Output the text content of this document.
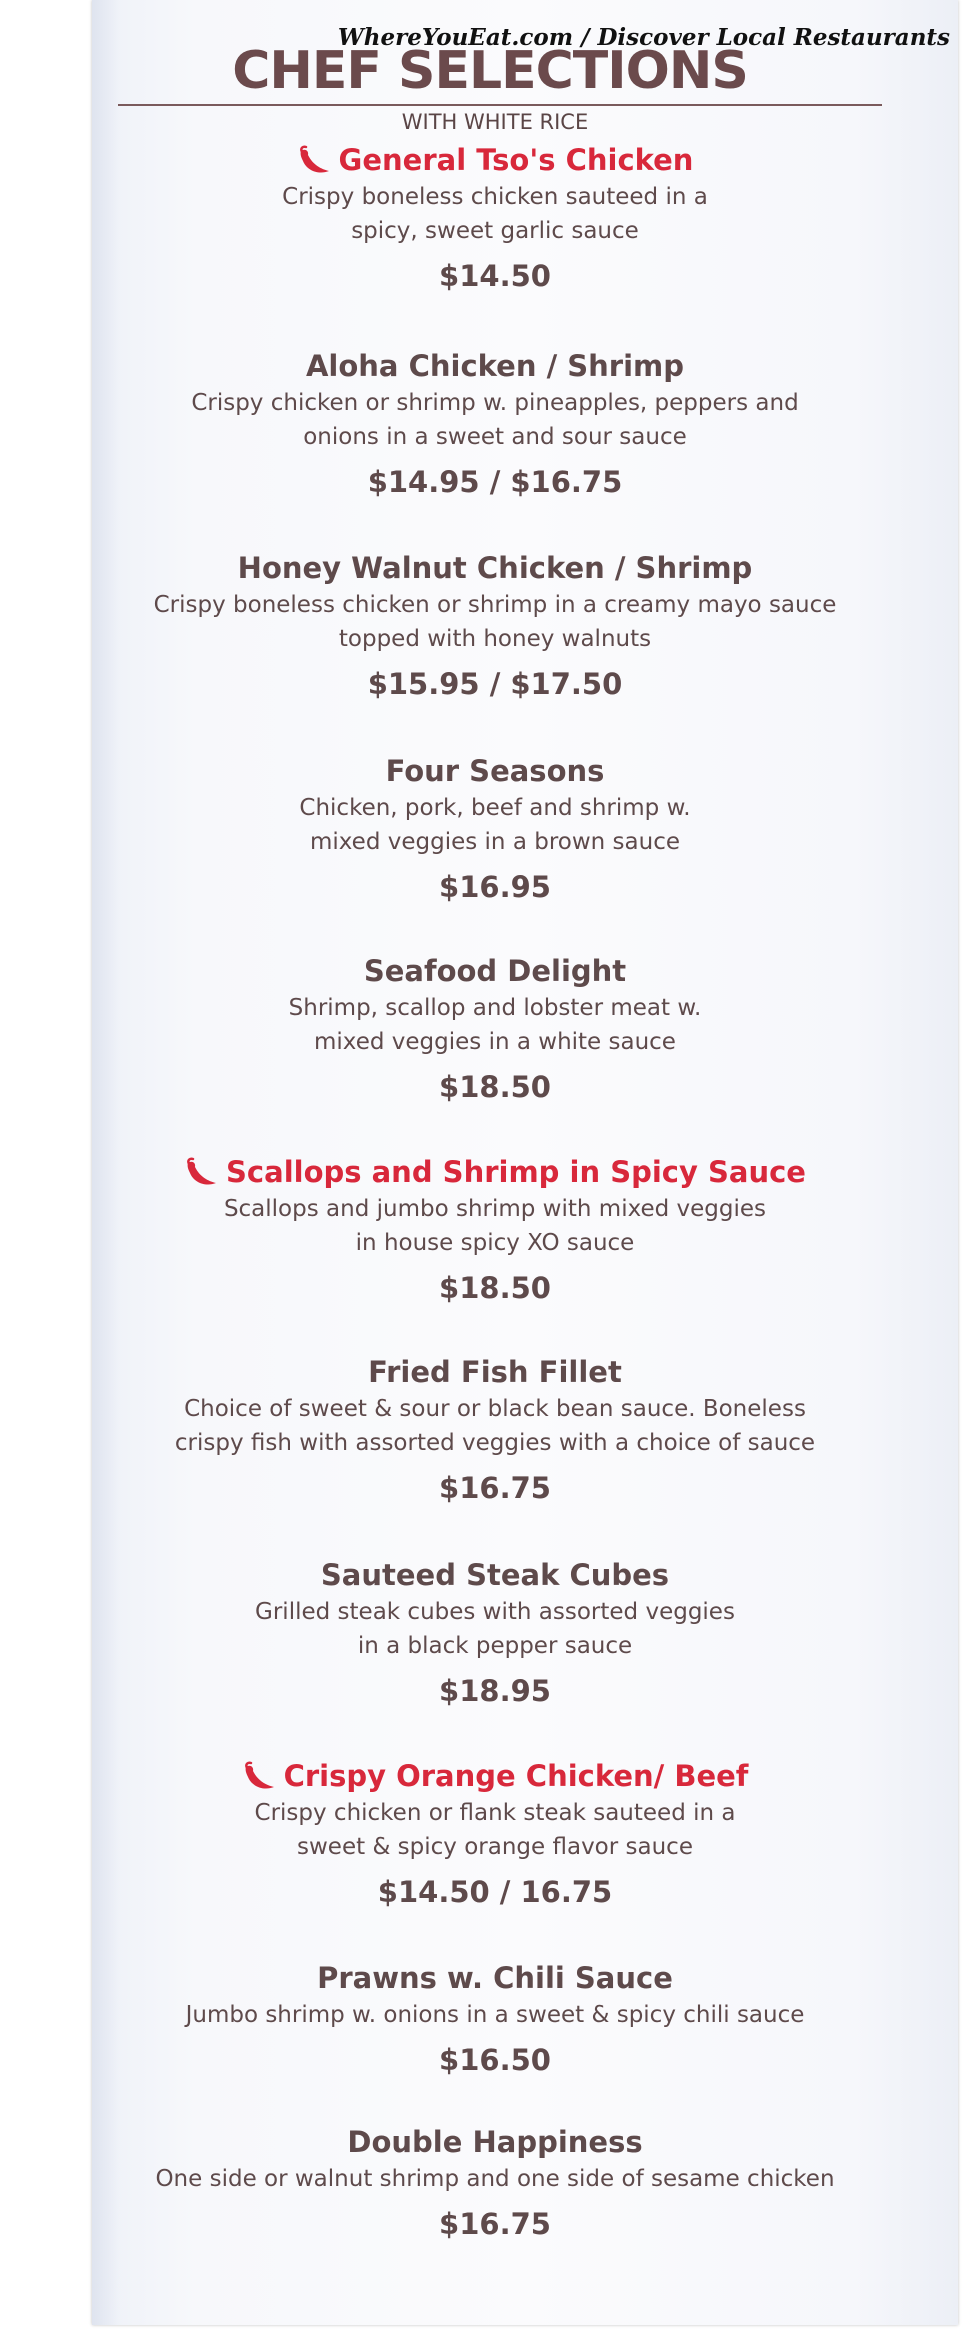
WhereYouEat.com / Discover Local Restaurants
CHEF SELECTIONS
WITH WHITE RICE
General Tso's Chicken
Crispy boneless chicken sauteed in a
spicy, sweet garlic sauce
$14.50
Aloha Chicken / Shrimp
Crispy chicken or shrimp w. pineapples, peppers and
onions in a sweet and sour sauce
$14.95 / $16.75
Honey Walnut Chicken / Shrimp
Crispy boneless chicken or shrimp in a creamy mayo sauce
topped with honey walnuts
$15.95 / $17.50
Four Seasons
Chicken, pork, beef and shrimp w.
mixed veggies in a brown sauce
$16.95
Seafood Delight
Shrimp, scallop and lobster meat w.
mixed veggies in a white sauce
$18.50
Scallops and Shrimp in Spicy Sauce
Scallops and jumbo shrimp with mixed veggies
in house spicy XO sauce
$18.50
Fried Fish Fillet
Choice of sweet & sour or black bean sauce. Boneless
crispy fish with assorted veggies with a choice of sauce
$16.75
Sauteed Steak Cubes
Grilled steak cubes with assorted veggies
in a black pepper sauce
$18.95
Crispy Orange Chicken/ Beef
Crispy chicken or flank steak sauteed in a
sweet & spicy orange flavor sauce
$14.50 / 16.75
Prawns w. Chili Sauce
Jumbo shrimp w. onions in a sweet & spicy chili sauce
$16.50
Double Happiness
One side or walnut shrimp and one side of sesame chicken
$16.75
